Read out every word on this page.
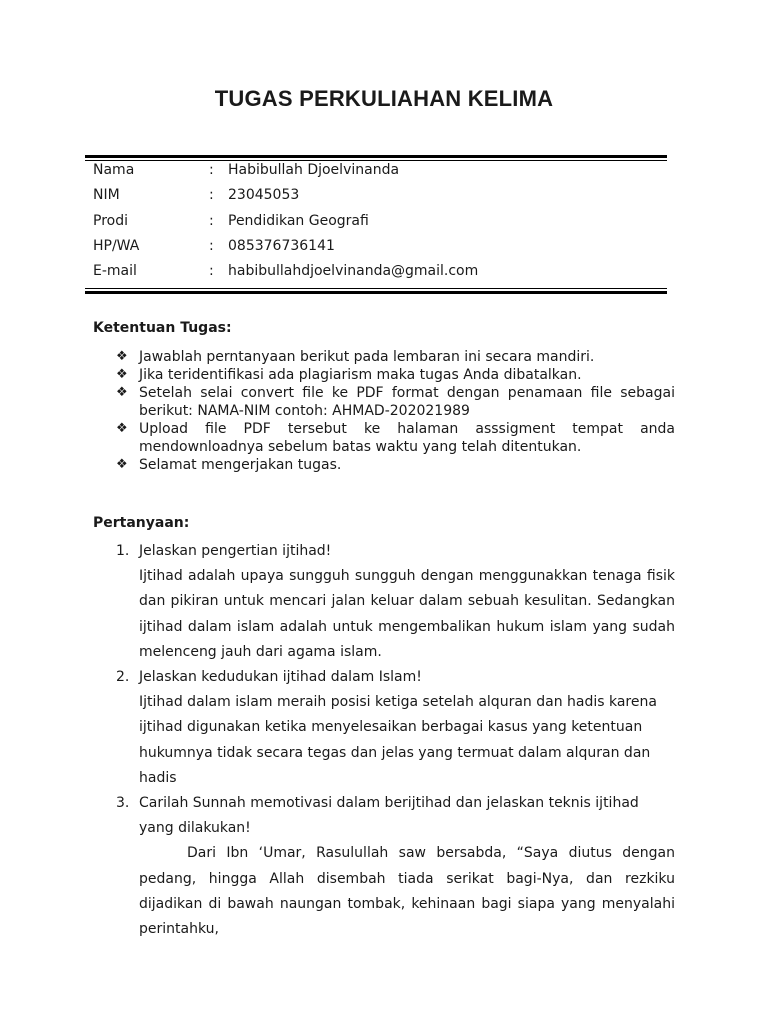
TUGAS PERKULIAHAN KELIMA
Nama	: Habibullah Djoelvinanda
NIM	: 23045053
Prodi	: Pendidikan Geografi
HP/WA	: 085376736141
E-mail	: habibullahdjoelvinanda@gmail.com
Ketentuan Tugas:
❖ Jawablah perntanyaan berikut pada lembaran ini secara mandiri.
❖ Jika teridentifikasi ada plagiarism maka tugas Anda dibatalkan.
❖ Setelah selai convert file ke PDF format dengan penamaan file sebagai berikut: NAMA-NIM contoh: AHMAD-202021989
❖ Upload file PDF tersebut ke halaman asssigment tempat anda mendownloadnya sebelum batas waktu yang telah ditentukan.
❖ Selamat mengerjakan tugas.
Pertanyaan:
1. Jelaskan pengertian ijtihad!
Ijtihad adalah upaya sungguh sungguh dengan menggunakkan tenaga fisik dan pikiran untuk mencari jalan keluar dalam sebuah kesulitan. Sedangkan ijtihad dalam islam adalah untuk mengembalikan hukum islam yang sudah melenceng jauh dari agama islam.
2. Jelaskan kedudukan ijtihad dalam Islam!
Ijtihad dalam islam meraih posisi ketiga setelah alquran dan hadis karena
ijtihad digunakan ketika menyelesaikan berbagai kasus yang ketentuan
hukumnya tidak secara tegas dan jelas yang termuat dalam alquran dan
hadis
3. Carilah Sunnah memotivasi dalam berijtihad dan jelaskan teknis ijtihad yang dilakukan!
Dari Ibn ‘Umar, Rasulullah saw bersabda, “Saya diutus dengan pedang, hingga Allah disembah tiada serikat bagi-Nya, dan rezkiku dijadikan di bawah naungan tombak, kehinaan bagi siapa yang menyalahi perintahku,
